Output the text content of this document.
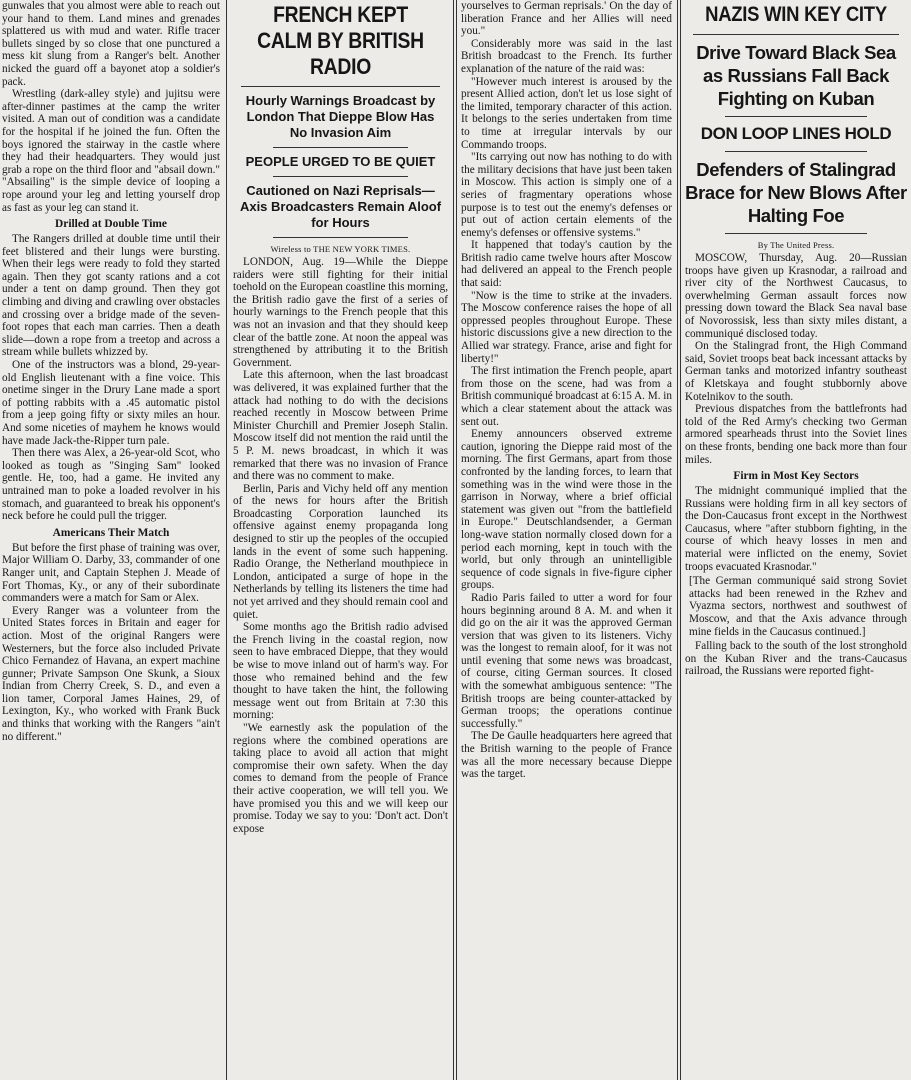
gunwales that you almost were able to reach out your hand to them. Land mines and grenades splattered us with mud and water. Rifle tracer bullets singed by so close that one punctured a mess kit slung from a Ranger's belt. Another nicked the guard off a bayonet atop a soldier's pack.

Wrestling (dark-alley style) and jujitsu were after-dinner pastimes at the camp the writer visited. A man out of condition was a candidate for the hospital if he joined the fun. Often the boys ignored the stairway in the castle where they had their headquarters. They would just grab a rope on the third floor and "absail down." "Absailing" is the simple device of looping a rope around your leg and letting yourself drop as fast as your leg can stand it.

Drilled at Double Time

The Rangers drilled at double time until their feet blistered and their lungs were bursting. When their legs were ready to fold they started again. Then they got scanty rations and a cot under a tent on damp ground. Then they got climbing and diving and crawling over obstacles and crossing over a bridge made of the seven-foot ropes that each man carries. Then a death slide—down a rope from a treetop and across a stream while bullets whizzed by.

One of the instructors was a blond, 29-year-old English lieutenant with a fine voice. This onetime singer in the Drury Lane made a sport of potting rabbits with a .45 automatic pistol from a jeep going fifty or sixty miles an hour. And some niceties of mayhem he knows would have made Jack-the-Ripper turn pale.

Then there was Alex, a 26-year-old Scot, who looked as tough as "Singing Sam" looked gentle. He, too, had a game. He invited any untrained man to poke a loaded revolver in his stomach, and guaranteed to break his opponent's neck before he could pull the trigger.

Americans Their Match

But before the first phase of training was over, Major William O. Darby, 33, commander of one Ranger unit, and Captain Stephen J. Meade of Fort Thomas, Ky., or any of their subordinate commanders were a match for Sam or Alex.

Every Ranger was a volunteer from the United States forces in Britain and eager for action. Most of the original Rangers were Westerners, but the force also included Private Chico Fernandez of Havana, an expert machine gunner; Private Sampson One Skunk, a Sioux Indian from Cherry Creek, S. D., and even a lion tamer, Corporal James Haines, 29, of Lexington, Ky., who worked with Frank Buck and thinks that working with the Rangers "ain't no different."

FRENCH KEPT CALM BY BRITISH RADIO
Hourly Warnings Broadcast by London That Dieppe Blow Has No Invasion Aim
PEOPLE URGED TO BE QUIET
Cautioned on Nazi Reprisals—Axis Broadcasters Remain Aloof for Hours
Wireless to THE NEW YORK TIMES.

LONDON, Aug. 19—While the Dieppe raiders were still fighting for their initial toehold on the European coastline this morning, the British radio gave the first of a series of hourly warnings to the French people that this was not an invasion and that they should keep clear of the battle zone. At noon the appeal was strengthened by attributing it to the British Government.

Late this afternoon, when the last broadcast was delivered, it was explained further that the attack had nothing to do with the decisions reached recently in Moscow between Prime Minister Churchill and Premier Joseph Stalin. Moscow itself did not mention the raid until the 5 P. M. news broadcast, in which it was remarked that there was no invasion of France and there was no comment to make.

Berlin, Paris and Vichy held off any mention of the news for hours after the British Broadcasting Corporation launched its offensive against enemy propaganda long designed to stir up the peoples of the occupied lands in the event of some such happening. Radio Orange, the Netherland mouthpiece in London, anticipated a surge of hope in the Netherlands by telling its listeners the time had not yet arrived and they should remain cool and quiet.

Some months ago the British radio advised the French living in the coastal region, now seen to have embraced Dieppe, that they would be wise to move inland out of harm's way. For those who remained behind and the few thought to have taken the hint, the following message went out from Britain at 7:30 this morning:

"We earnestly ask the population of the regions where the combined operations are taking place to avoid all action that might compromise their own safety. When the day comes to demand from the people of France their active cooperation, we will tell you. We have promised you this and we will keep our promise. Today we say to you: 'Don't act. Don't expose

yourselves to German reprisals.' On the day of liberation France and her Allies will need you."

Considerably more was said in the last British broadcast to the French. Its further explanation of the nature of the raid was:

"However much interest is aroused by the present Allied action, don't let us lose sight of the limited, temporary character of this action. It belongs to the series undertaken from time to time at irregular intervals by our Commando troops.

"Its carrying out now has nothing to do with the military decisions that have just been taken in Moscow. This action is simply one of a series of fragmentary operations whose purpose is to test out the enemy's defenses or put out of action certain elements of the enemy's defenses or offensive systems."

It happened that today's caution by the British radio came twelve hours after Moscow had delivered an appeal to the French people that said:

"Now is the time to strike at the invaders. The Moscow conference raises the hope of all oppressed peoples throughout Europe. These historic discussions give a new direction to the Allied war strategy. France, arise and fight for liberty!"

The first intimation the French people, apart from those on the scene, had was from a British communiqué broadcast at 6:15 A. M. in which a clear statement about the attack was sent out.

Enemy announcers observed extreme caution, ignoring the Dieppe raid most of the morning. The first Germans, apart from those confronted by the landing forces, to learn that something was in the wind were those in the garrison in Norway, where a brief official statement was given out "from the battlefield in Europe." Deutschlandsender, a German long-wave station normally closed down for a period each morning, kept in touch with the world, but only through an unintelligible sequence of code signals in five-figure cipher groups.

Radio Paris failed to utter a word for four hours beginning around 8 A. M. and when it did go on the air it was the approved German version that was given to its listeners. Vichy was the longest to remain aloof, for it was not until evening that some news was broadcast, of course, citing German sources. It closed with the somewhat ambiguous sentence: "The British troops are being counter-attacked by German troops; the operations continue successfully."

The De Gaulle headquarters here agreed that the British warning to the people of France was all the more necessary because Dieppe was the target.

NAZIS WIN KEY CITY
Drive Toward Black Sea as Russians Fall Back Fighting on Kuban
DON LOOP LINES HOLD
Defenders of Stalingrad Brace for New Blows After Halting Foe
By The United Press.

MOSCOW, Thursday, Aug. 20—Russian troops have given up Krasnodar, a railroad and river city of the Northwest Caucasus, to overwhelming German assault forces now pressing down toward the Black Sea naval base of Novorossisk, less than sixty miles distant, a communiqué disclosed today.

On the Stalingrad front, the High Command said, Soviet troops beat back incessant attacks by German tanks and motorized infantry southeast of Kletskaya and fought stubbornly above Kotelnikov to the south.

Previous dispatches from the battlefronts had told of the Red Army's checking two German armored spearheads thrust into the Soviet lines on these fronts, bending one back more than four miles.

Firm in Most Key Sectors

The midnight communiqué implied that the Russians were holding firm in all key sectors of the Don-Caucasus front except in the Northwest Caucasus, where "after stubborn fighting, in the course of which heavy losses in men and material were inflicted on the enemy, Soviet troops evacuated Krasnodar."

[The German communiqué said strong Soviet attacks had been renewed in the Rzhev and Vyazma sectors, northwest and southwest of Moscow, and that the Axis advance through mine fields in the Caucasus continued.]

Falling back to the south of the lost stronghold on the Kuban River and the trans-Caucasus railroad, the Russians were reported fight-
